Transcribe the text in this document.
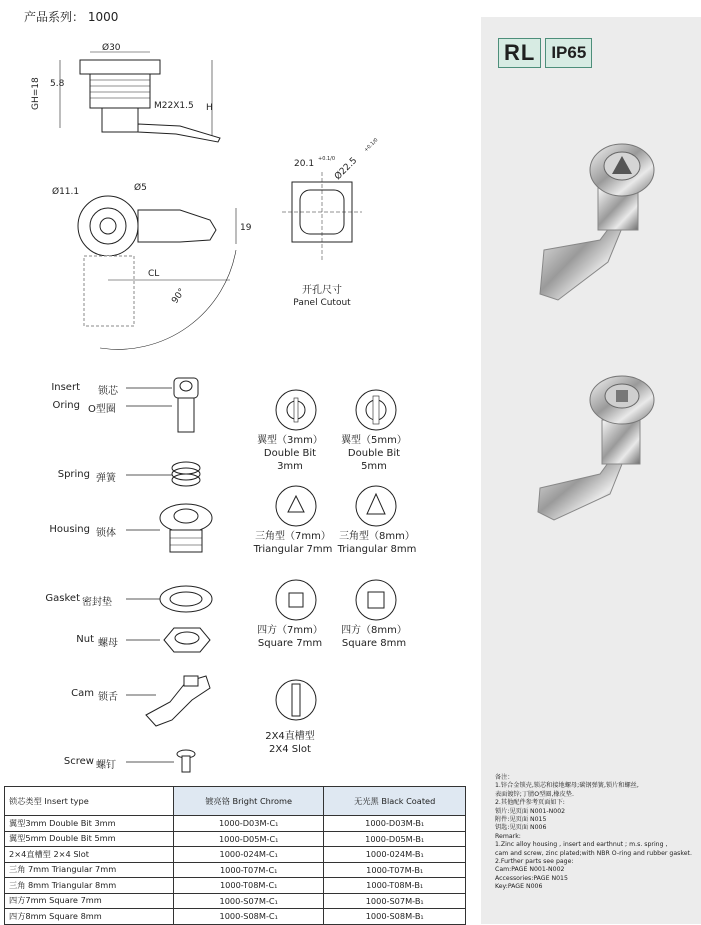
产品系列： 1000
RL IP65
Ø30
GH=18 5.8
M22X1.5 H
Ø11.1	Ø5
19
CL
90°
20.1 +0.1/0
Ø22.5
+0.1/0
开孔尺寸
Panel Cutout
Insert 锁芯
Oring O型圈
Spring 弹簧
Housing 锁体
Gasket 密封垫
Nut 螺母
Cam 锁舌
Screw 螺钉
翼型（3mm）
Double Bit 3mm
翼型（5mm）
Double Bit 5mm
三角型（7mm）
Triangular 7mm
三角型（8mm）
Triangular 8mm
四方（7mm）
Square 7mm
四方（8mm）
Square 8mm
2X4直槽型
2X4 Slot
备注：
1.锌合金锁壳,锁芯和接地螺母;碳钢弹簧,锁片和螺丝,
表面镀锌;丁腈O型圈,橡皮垫.
2.其他配件参考页面如下:
锁片:见页面 N001-N002
附件:见页面 N015
钥匙:见页面 N006
Remark:
1.Zinc alloy housing , insert and earthnut ; m.s. spring ,
cam and screw, zinc plated;with NBR O-ring and rubber gasket.
2.Further parts see page:
Cam:PAGE N001-N002
Accessories:PAGE N015
Key:PAGE N006
锁芯类型 Insert type	镀亮铬 Bright Chrome	无光黑 Black Coated
翼型3mm Double Bit 3mm	1000-D03M-C₁	1000-D03M-B₁
翼型5mm Double Bit 5mm	1000-D05M-C₁	1000-D05M-B₁
2×4直槽型 2×4 Slot	1000-024M-C₁	1000-024M-B₁
三角 7mm Triangular 7mm	1000-T07M-C₁	1000-T07M-B₁
三角 8mm Triangular 8mm	1000-T08M-C₁	1000-T08M-B₁
四方7mm Square 7mm	1000-S07M-C₁	1000-S07M-B₁
四方8mm Square 8mm	1000-S08M-C₁	1000-S08M-B₁
